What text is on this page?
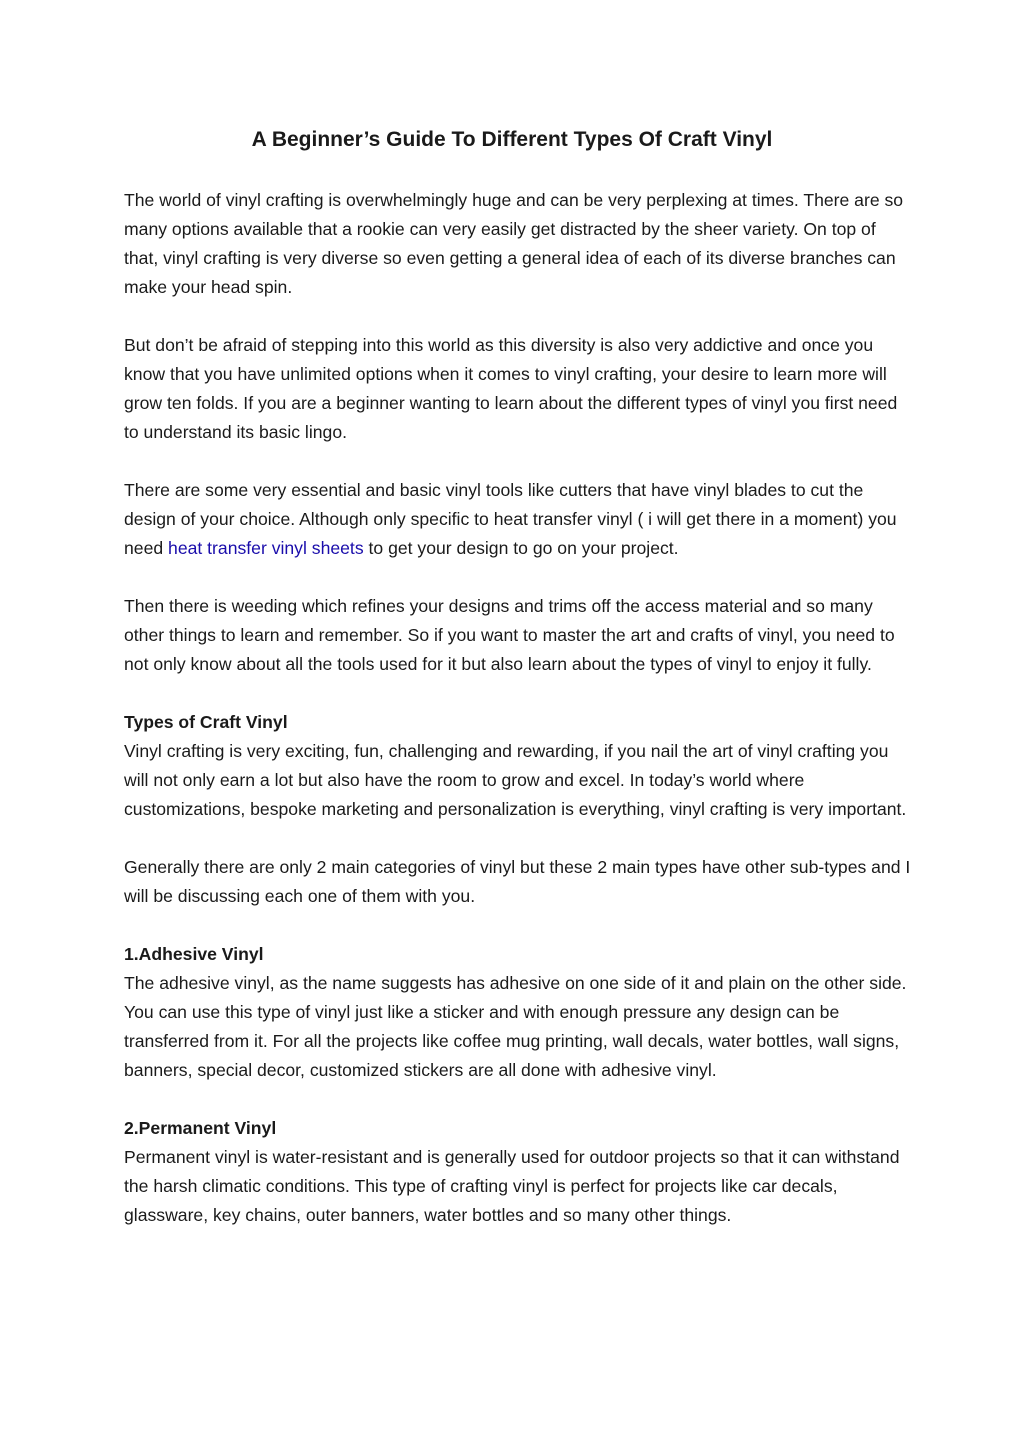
A Beginner’s Guide To Different Types Of Craft Vinyl

The world of vinyl crafting is overwhelmingly huge and can be very perplexing at times. There are so many options available that a rookie can very easily get distracted by the sheer variety. On top of that, vinyl crafting is very diverse so even getting a general idea of each of its diverse branches can make your head spin.

But don’t be afraid of stepping into this world as this diversity is also very addictive and once you know that you have unlimited options when it comes to vinyl crafting, your desire to learn more will grow ten folds. If you are a beginner wanting to learn about the different types of vinyl you first need to understand its basic lingo.

There are some very essential and basic vinyl tools like cutters that have vinyl blades to cut the design of your choice. Although only specific to heat transfer vinyl ( i will get there in a moment) you need heat transfer vinyl sheets to get your design to go on your project.

Then there is weeding which refines your designs and trims off the access material and so many other things to learn and remember. So if you want to master the art and crafts of vinyl, you need to not only know about all the tools used for it but also learn about the types of vinyl to enjoy it fully.

Types of Craft Vinyl

Vinyl crafting is very exciting, fun, challenging and rewarding, if you nail the art of vinyl crafting you will not only earn a lot but also have the room to grow and excel. In today’s world where customizations, bespoke marketing and personalization is everything, vinyl crafting is very important.

Generally there are only 2 main categories of vinyl but these 2 main types have other sub-types and I will be discussing each one of them with you.

1.Adhesive Vinyl

The adhesive vinyl, as the name suggests has adhesive on one side of it and plain on the other side. You can use this type of vinyl just like a sticker and with enough pressure any design can be transferred from it. For all the projects like coffee mug printing, wall decals, water bottles, wall signs, banners, special decor, customized stickers are all done with adhesive vinyl.

2.Permanent Vinyl

Permanent vinyl is water-resistant and is generally used for outdoor projects so that it can withstand the harsh climatic conditions. This type of crafting vinyl is perfect for projects like car decals, glassware, key chains, outer banners, water bottles and so many other things.
